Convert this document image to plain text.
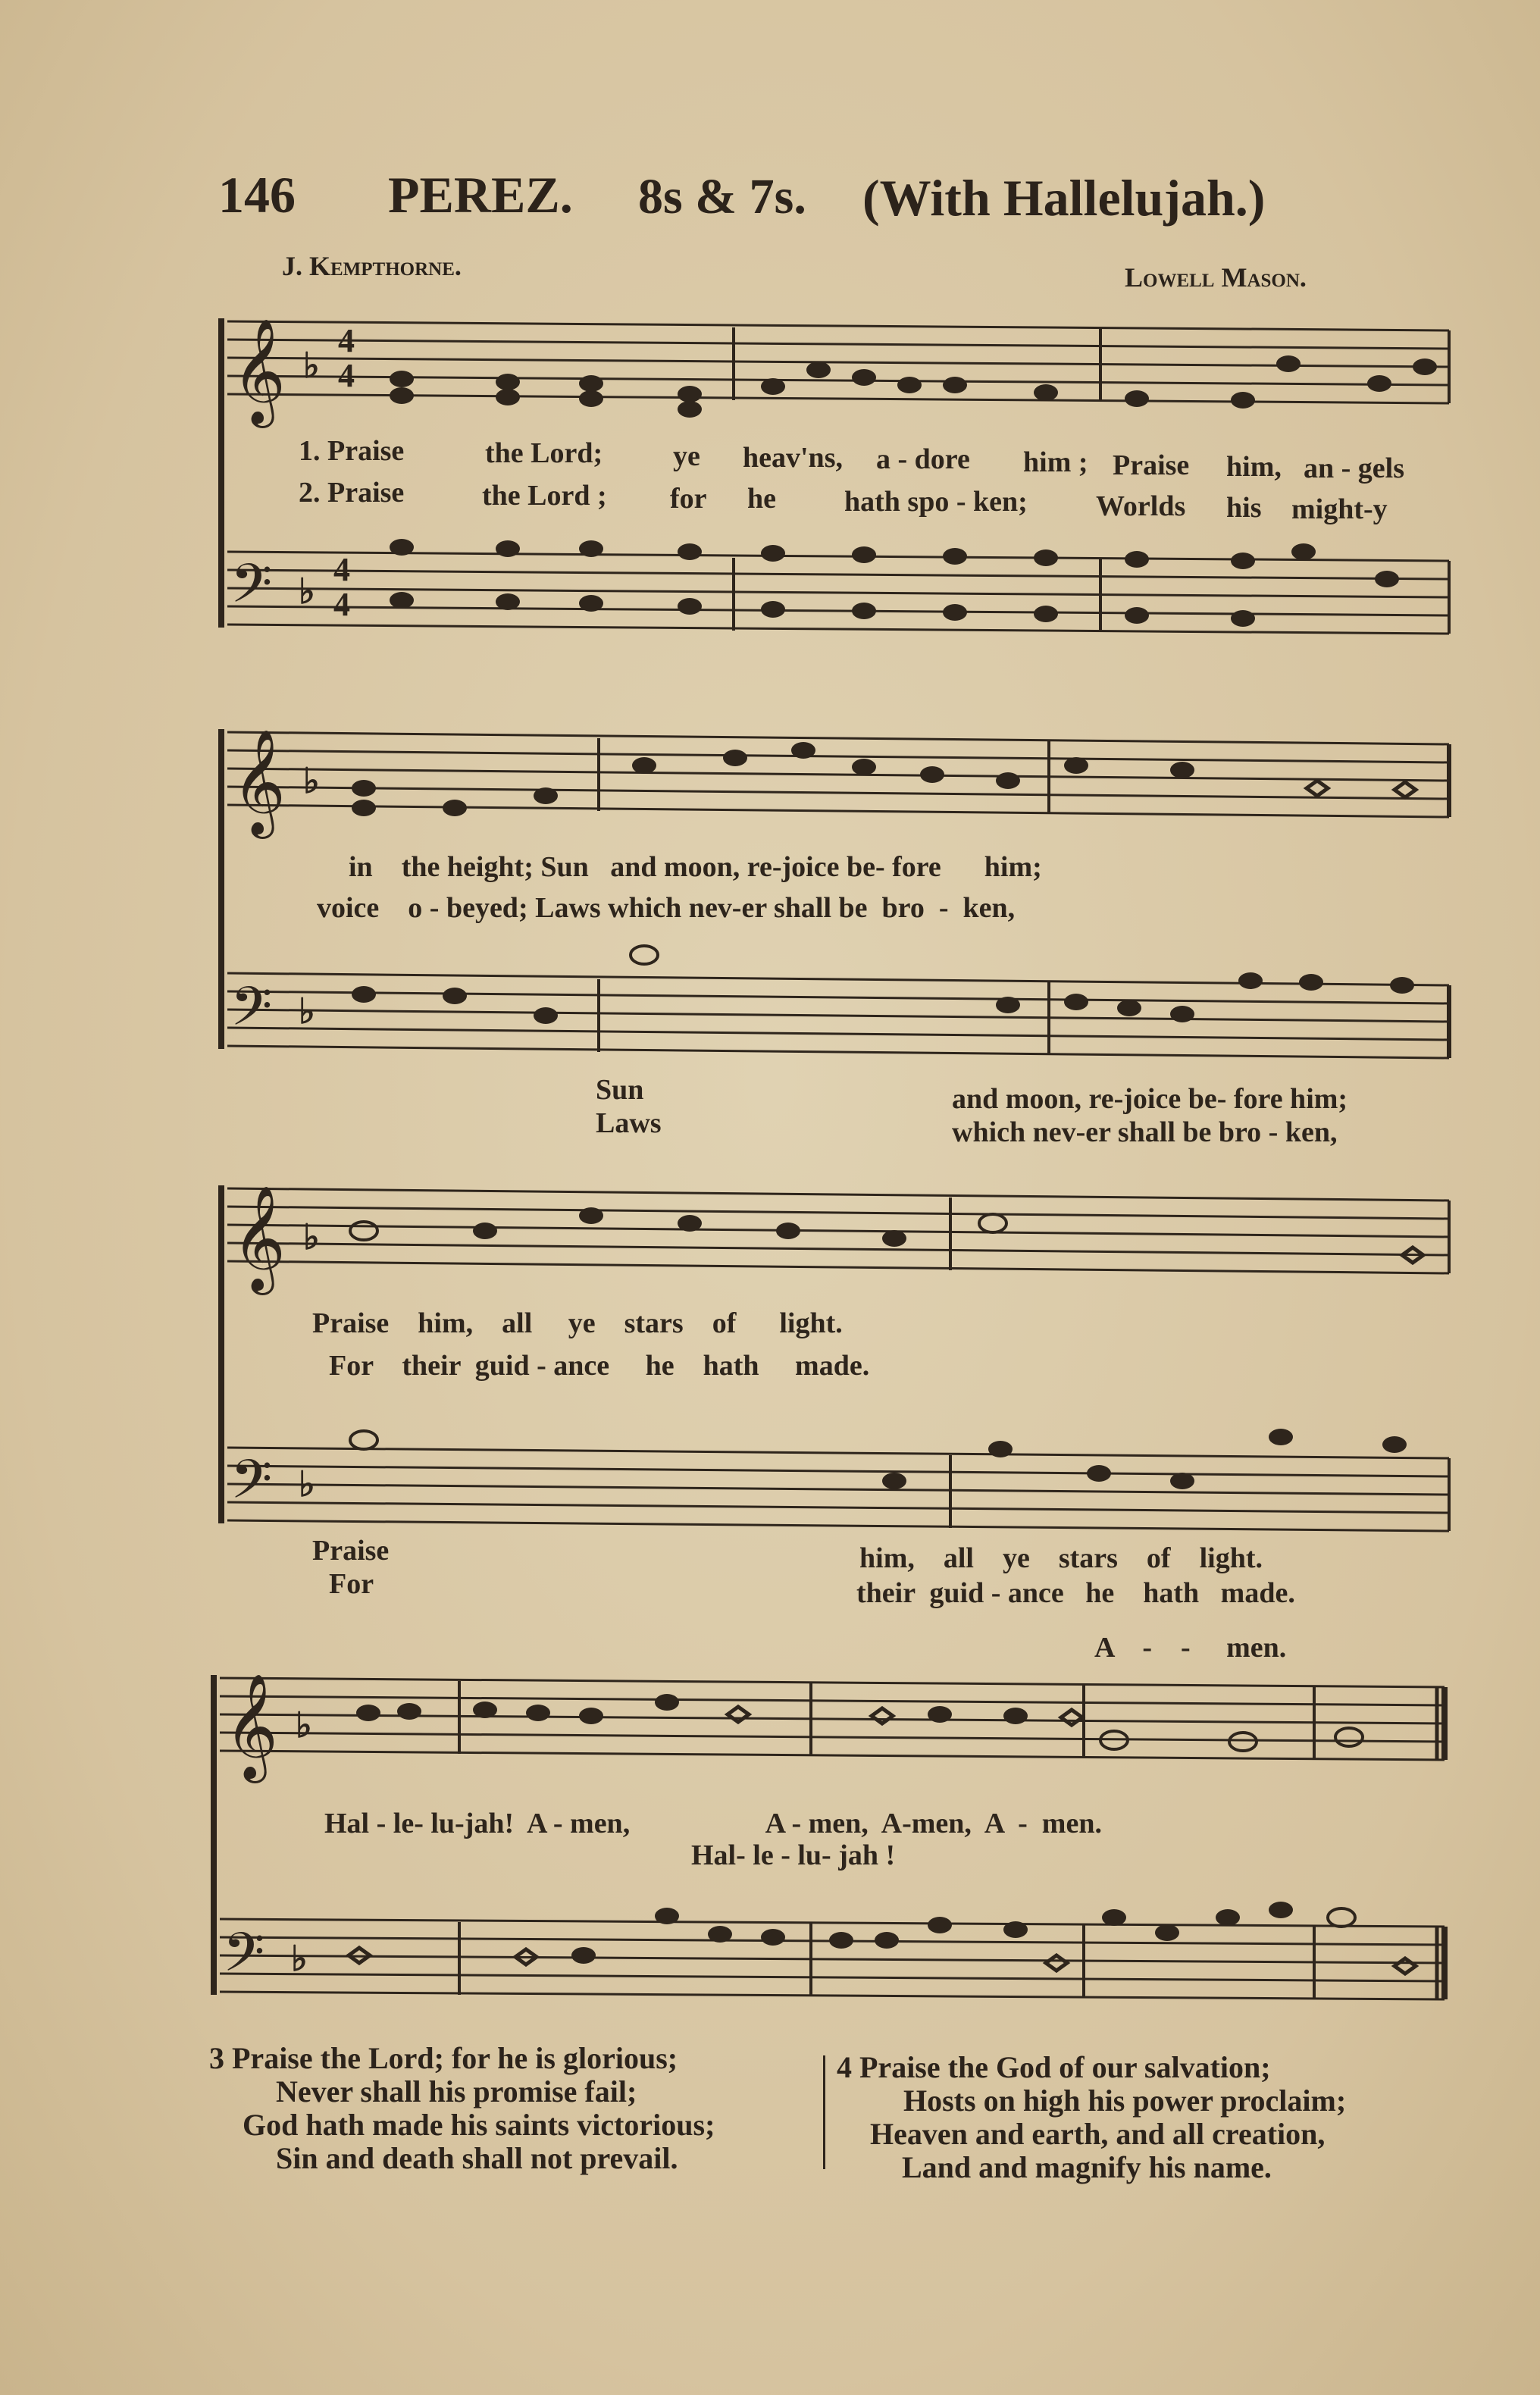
146 PEREZ. 8s & 7s. (With Hallelujah.)
J. Kempthorne.	Lowell Mason.
𝄞
𝄞
𝄞
𝄞
𝄢
𝄢
𝄢
𝄢
♭
♭
♭
♭
♭
♭
♭
♭
4
4
4
4
1. Praise	the Lord; ye heav'ns, a - dore him ; Praise him, an - gels
2. Praise	the Lord ; for he hath spo - ken; Worlds his might-y
in    the height; Sun   and moon, re-joice be- fore      him;
voice    o - beyed; Laws which nev-er shall be  bro  -  ken,
Sun
Laws
and moon, re-joice be- fore him;
which nev-er shall be bro - ken,
Praise    him,    all     ye    stars    of      light.
For    their  guid - ance     he    hath     made.
Praise
For
him,    all    ye    stars    of    light.
their  guid - ance   he    hath   made.
A    -    -     men.
Hal - le- lu-jah!  A - men,                   A - men,  A-men,  A  -  men.
Hal- le - lu- jah !
3 Praise the Lord; for he is glorious;
Never shall his promise fail;
God hath made his saints victorious;
Sin and death shall not prevail.
4 Praise the God of our salvation;
Hosts on high his power proclaim;
Heaven and earth, and all creation,
Land and magnify his name.
